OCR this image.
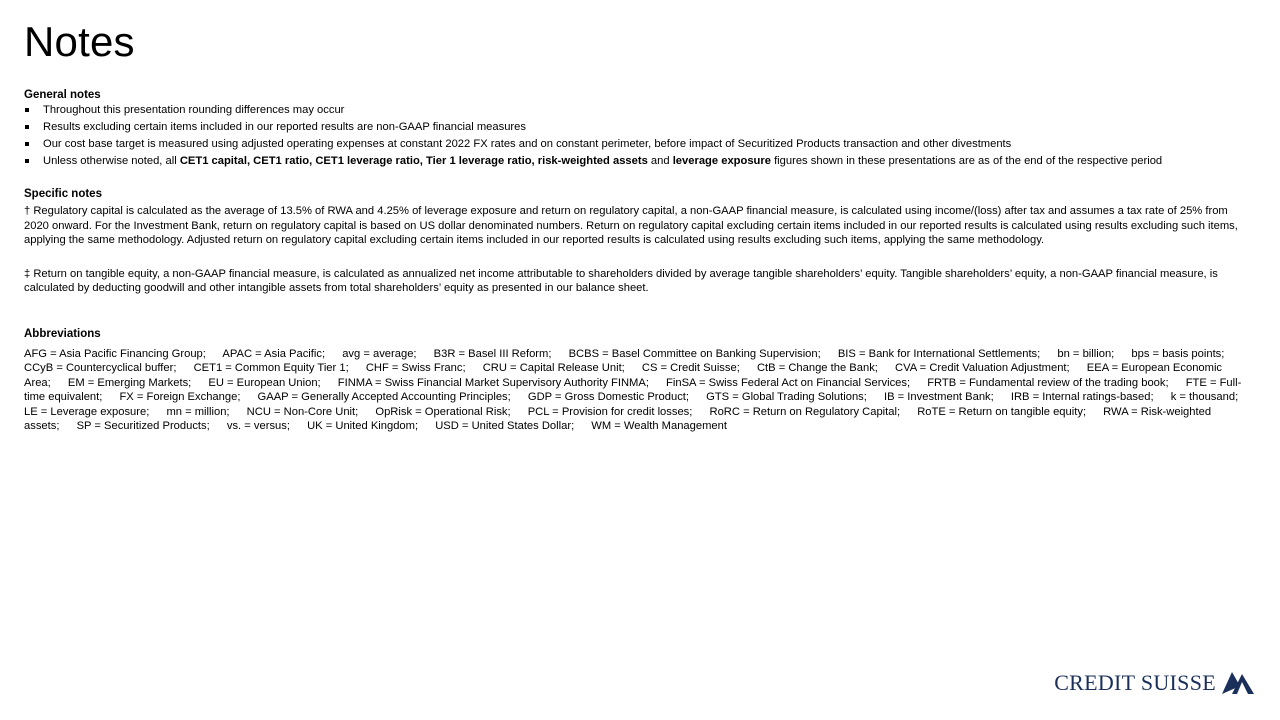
Notes
General notes
Throughout this presentation rounding differences may occur
Results excluding certain items included in our reported results are non-GAAP financial measures
Our cost base target is measured using adjusted operating expenses at constant 2022 FX rates and on constant perimeter, before impact of Securitized Products transaction and other divestments
Unless otherwise noted, all CET1 capital, CET1 ratio, CET1 leverage ratio, Tier 1 leverage ratio, risk-weighted assets and leverage exposure figures shown in these presentations are as of the end of the respective period
Specific notes

† Regulatory capital is calculated as the average of 13.5% of RWA and 4.25% of leverage exposure and return on regulatory capital, a non-GAAP financial measure, is calculated using income/(loss) after tax and assumes a tax rate of 25% from 2020 onward. For the Investment Bank, return on regulatory capital is based on US dollar denominated numbers. Return on regulatory capital excluding certain items included in our reported results is calculated using results excluding such items, applying the same methodology. Adjusted return on regulatory capital excluding certain items included in our reported results is calculated using results excluding such items, applying the same methodology.

‡ Return on tangible equity, a non-GAAP financial measure, is calculated as annualized net income attributable to shareholders divided by average tangible shareholders’ equity. Tangible shareholders’ equity, a non-GAAP financial measure, is calculated by deducting goodwill and other intangible assets from total shareholders’ equity as presented in our balance sheet.

Abbreviations

AFG = Asia Pacific Financing Group; APAC = Asia Pacific; avg = average; B3R = Basel III Reform; BCBS = Basel Committee on Banking Supervision; BIS = Bank for International Settlements; bn = billion; bps = basis points; CCyB = Countercyclical buffer; CET1 = Common Equity Tier 1; CHF = Swiss Franc; CRU = Capital Release Unit; CS = Credit Suisse; CtB = Change the Bank; CVA = Credit Valuation Adjustment; EEA = European Economic Area; EM = Emerging Markets; EU = European Union; FINMA = Swiss Financial Market Supervisory Authority FINMA; FinSA = Swiss Federal Act on Financial Services; FRTB = Fundamental review of the trading book; FTE = Full-time equivalent; FX = Foreign Exchange; GAAP = Generally Accepted Accounting Principles; GDP = Gross Domestic Product; GTS = Global Trading Solutions; IB = Investment Bank; IRB = Internal ratings-based; k = thousand; LE = Leverage exposure; mn = million; NCU = Non-Core Unit; OpRisk = Operational Risk; PCL = Provision for credit losses; RoRC = Return on Regulatory Capital; RoTE = Return on tangible equity; RWA = Risk-weighted assets; SP = Securitized Products; vs. = versus; UK = United Kingdom; USD = United States Dollar; WM = Wealth Management

CREDIT SUISSE
